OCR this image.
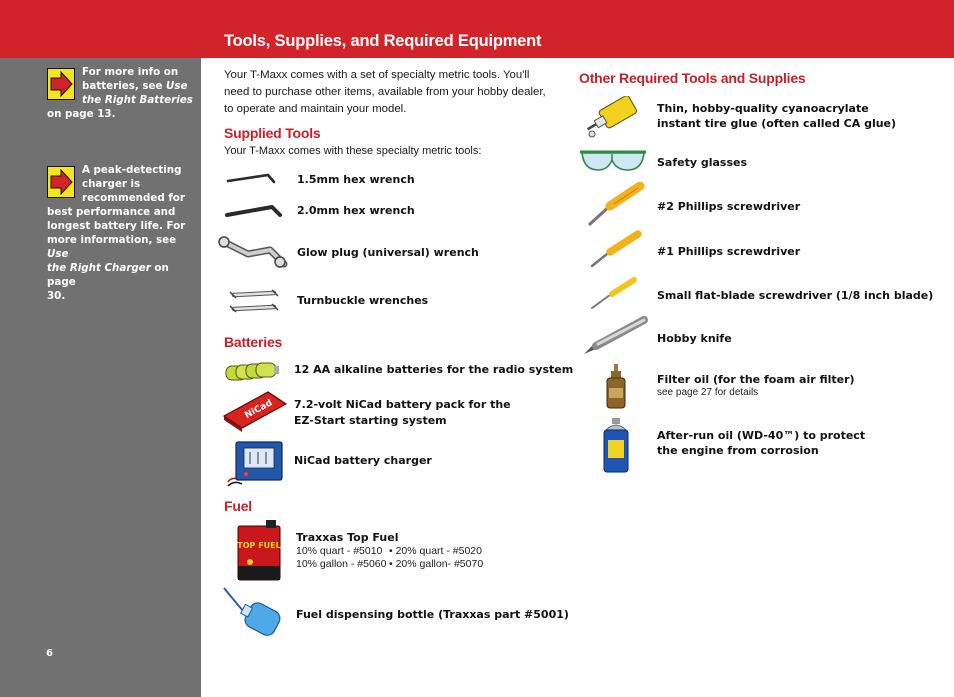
Tools, Supplies, and Required Equipment
For more info on
batteries, see Use
the Right Batteries
on page 13.
A peak-detecting
charger is
recommended for
best performance and
longest battery life. For
more information, see Use
the Right Charger on page
30.
6
Your T-Maxx comes with a set of specialty metric tools. You'll
need to purchase other items, available from your hobby dealer,
to operate and maintain your model.
Supplied Tools
Your T-Maxx comes with these specialty metric tools:
1.5mm hex wrench
2.0mm hex wrench
Glow plug (universal) wrench
Turnbuckle wrenches
Batteries
12 AA alkaline batteries for the radio system
NiCad 7.2-volt NiCad battery pack for the
EZ-Start starting system
NiCad battery charger
Fuel
TOP FUEL
Traxxas Top Fuel
10% quart - #5010 • 20% quart - #5020
10% gallon - #5060 • 20% gallon- #5070
Fuel dispensing bottle (Traxxas part #5001)
Other Required Tools and Supplies
Thin, hobby-quality cyanoacrylate
instant tire glue (often called CA glue)
Safety glasses
#2 Phillips screwdriver
#1 Phillips screwdriver
Small flat-blade screwdriver (1/8 inch blade)
Hobby knife
Filter oil (for the foam air filter)
see page 27 for details
After-run oil (WD-40™) to protect
the engine from corrosion
